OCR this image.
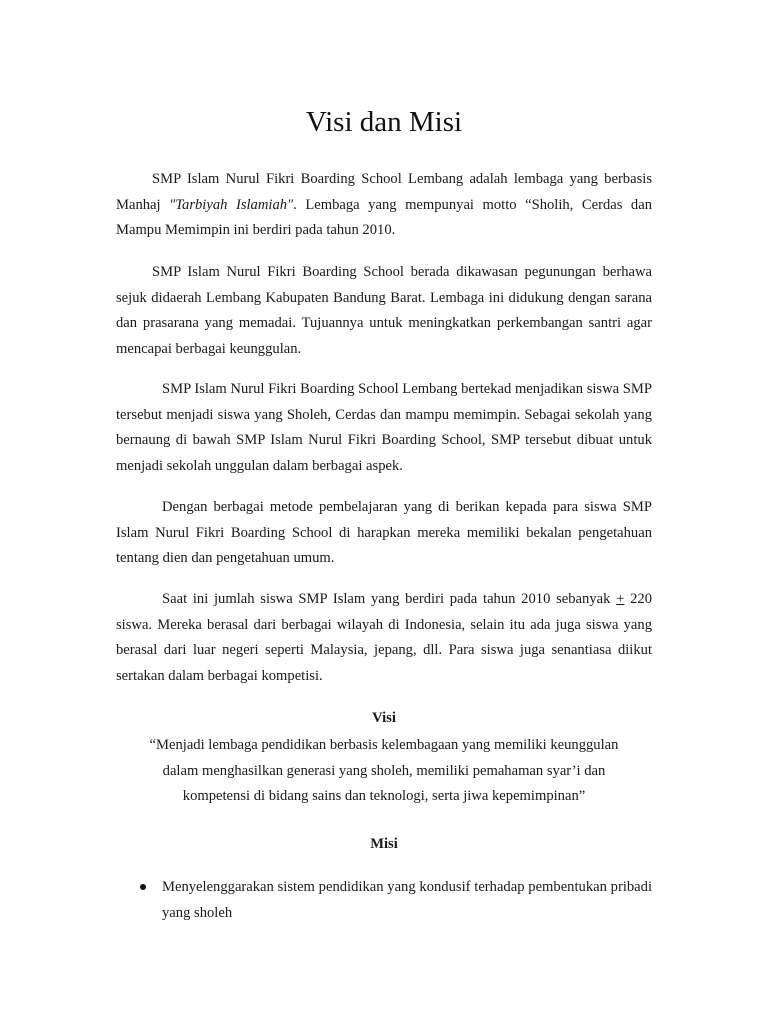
Visi dan Misi

SMP Islam Nurul Fikri Boarding School Lembang adalah lembaga yang berbasis Manhaj "Tarbiyah Islamiah". Lembaga yang mempunyai motto “Sholih, Cerdas dan Mampu Memimpin ini berdiri pada tahun 2010.

SMP Islam Nurul Fikri Boarding School berada dikawasan pegunungan berhawa sejuk didaerah Lembang Kabupaten Bandung Barat. Lembaga ini didukung dengan sarana dan prasarana yang memadai. Tujuannya untuk meningkatkan perkembangan santri agar mencapai berbagai keunggulan.

SMP Islam Nurul Fikri Boarding School Lembang bertekad menjadikan siswa SMP tersebut menjadi siswa yang Sholeh, Cerdas dan mampu memimpin. Sebagai sekolah yang bernaung di bawah SMP Islam Nurul Fikri Boarding School, SMP tersebut dibuat untuk menjadi sekolah unggulan dalam berbagai aspek.

Dengan berbagai metode pembelajaran yang di berikan kepada para siswa SMP Islam Nurul Fikri Boarding School di harapkan mereka memiliki bekalan pengetahuan tentang dien dan pengetahuan umum.

Saat ini jumlah siswa SMP Islam yang berdiri pada tahun 2010 sebanyak + 220 siswa. Mereka berasal dari berbagai wilayah di Indonesia, selain itu ada juga siswa yang berasal dari luar negeri seperti Malaysia, jepang, dll. Para siswa juga senantiasa diikut sertakan dalam berbagai kompetisi.

Visi

“Menjadi lembaga pendidikan berbasis kelembagaan yang memiliki keunggulan
dalam menghasilkan generasi yang sholeh, memiliki pemahaman syar’i dan
kompetensi di bidang sains dan teknologi, serta jiwa kepemimpinan”

Misi
Menyelenggarakan sistem pendidikan yang kondusif terhadap pembentukan pribadi yang sholeh
